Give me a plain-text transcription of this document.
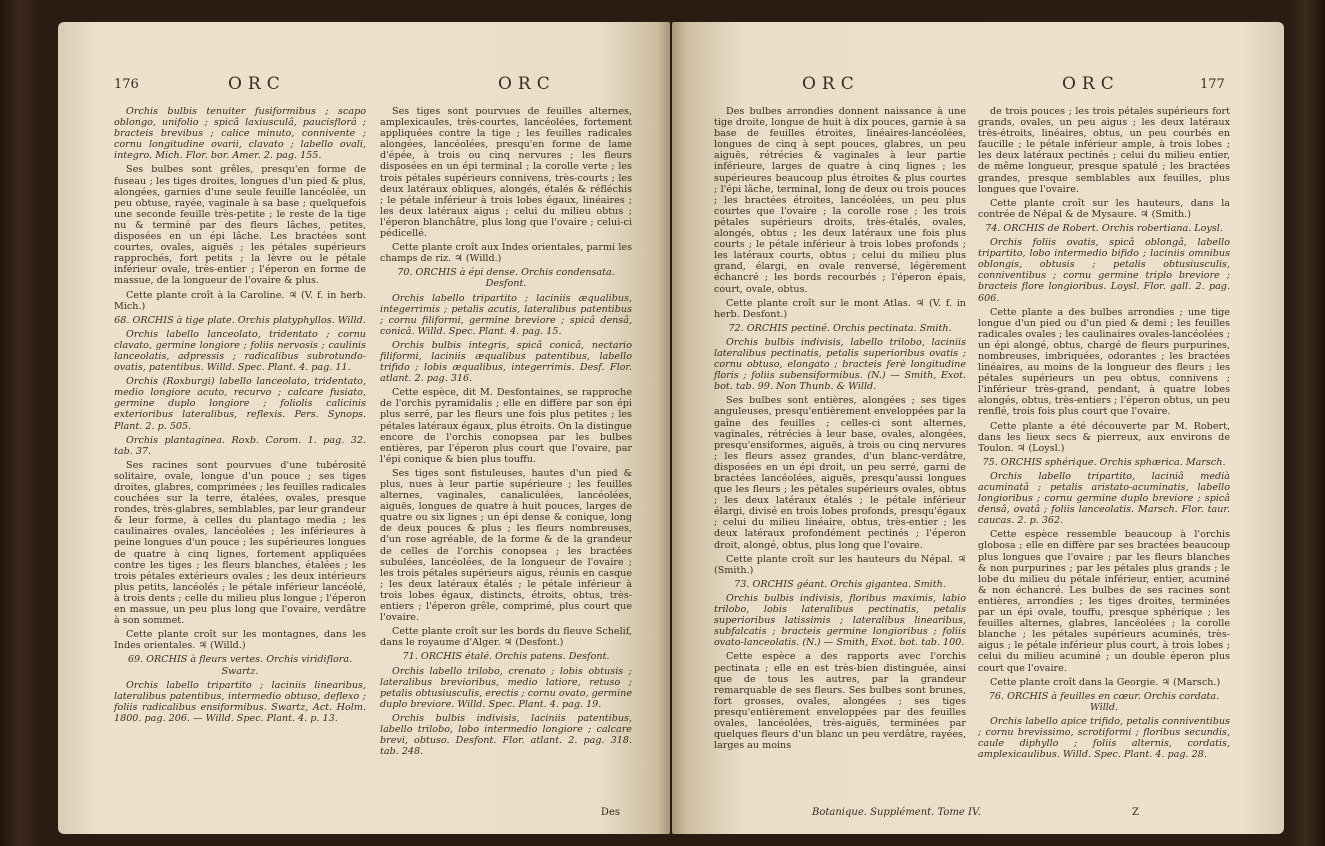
176	ORC	ORC

Orchis bulbis tenuiter fusiformibus ; scapo oblongo, unifolio ; spicâ laxiusculâ, paucisflorâ ; bracteis brevibus ; calice minuto, connivente ; cornu longitudine ovarii, clavato ; labello ovali, integro. Mich. Flor. bor. Amer. 2. pag. 155.

Ses bulbes sont grêles, presqu'en forme de fuseau ; les tiges droites, longues d'un pied & plus, alongées, garnies d'une seule feuille lancéolée, un peu obtuse, rayée, vaginale à sa base ; quelquefois une seconde feuille très-petite ; le reste de la tige nu & terminé par des fleurs lâches, petites, disposées en un épi lâche. Les bractées sont courtes, ovales, aiguës ; les pétales supérieurs rapprochés, fort petits ; la lèvre ou le pétale inférieur ovale, très-entier ; l'éperon en forme de massue, de la longueur de l'ovaire & plus.

Cette plante croît à la Caroline. ♃ (V. f. in herb. Mich.)

68. ORCHIS à tige plate. Orchis platyphyllos. Willd.

Orchis labello lanceolato, tridentato ; cornu clavato, germine longiore ; foliis nervosis ; caulinis lanceolatis, adpressis ; radicalibus subrotundo-ovatis, patentibus. Willd. Spec. Plant. 4. pag. 11.

Orchis (Roxburgi) labello lanceolato, tridentato, medio longiore acuto, recurvo ; calcare fusiato, germine duplo longiore ; foliolis calicinis exterioribus lateralibus, reflexis. Pers. Synops. Plant. 2. p. 505.

Orchis plantaginea. Roxb. Corom. 1. pag. 32. tab. 37.

Ses racines sont pourvues d'une tubérosité solitaire, ovale, longue d'un pouce ; ses tiges droites, glabres, comprimées ; les feuilles radicales couchées sur la terre, étalées, ovales, presque rondes, très-glabres, semblables, par leur grandeur & leur forme, à celles du plantago media ; les caulinaires ovales, lancéolées ; les inférieures à peine longues d'un pouce ; les supérieures longues de quatre à cinq lignes, fortement appliquées contre les tiges ; les fleurs blanches, étalées ; les trois pétales extérieurs ovales ; les deux intérieurs plus petits, lancéolés ; le pétale inférieur lancéolé, à trois dents ; celle du milieu plus longue ; l'éperon en massue, un peu plus long que l'ovaire, verdâtre à son sommet.

Cette plante croît sur les montagnes, dans les Indes orientales. ♃ (Willd.)

69. ORCHIS à fleurs vertes. Orchis viridiflora. Swartz.

Orchis labello tripartito ; laciniis linearibus, lateralibus patentibus, intermedio obtuso, deflexo ; foliis radicalibus ensiformibus. Swartz, Act. Holm. 1800. pag. 206. — Willd. Spec. Plant. 4. p. 13.

Ses tiges sont pourvues de feuilles alternes, amplexicaules, très-courtes, lancéolées, fortement appliquées contre la tige ; les feuilles radicales alongées, lancéolées, presqu'en forme de lame d'épée, à trois ou cinq nervures ; les fleurs disposées en un épi terminal ; la corolle verte ; les trois pétales supérieurs connivens, très-courts ; les deux latéraux obliques, alongés, étalés & réfléchis ; le pétale inférieur à trois lobes égaux, linéaires ; les deux latéraux aigus ; celui du milieu obtus ; l'éperon blanchâtre, plus long que l'ovaire ; celui-ci pédicellé.

Cette plante croît aux Indes orientales, parmi les champs de riz. ♃ (Willd.)

70. ORCHIS à épi dense. Orchis condensata. Desfont.

Orchis labello tripartito ; laciniis æqualibus, integerrimis ; petalis acutis, lateralibus patentibus ; cornu filiformi, germine breviore ; spicâ densâ, conicâ. Willd. Spec. Plant. 4. pag. 15.

Orchis bulbis integris, spicâ conicâ, nectario filiformi, laciniis æqualibus patentibus, labello trifido ; lobis æqualibus, integerrimis. Desf. Flor. atlant. 2. pag. 316.

Cette espèce, dit M. Desfontaines, se rapproche de l'orchis pyramidalis ; elle en diffère par son épi plus serré, par les fleurs une fois plus petites ; les pétales latéraux égaux, plus étroits. On la distingue encore de l'orchis conopsea par les bulbes entières, par l'éperon plus court que l'ovaire, par l'épi conique & bien plus touffu.

Ses tiges sont fistuleuses, hautes d'un pied & plus, nues à leur partie supérieure ; les feuilles alternes, vaginales, canaliculées, lancéolées, aiguës, longues de quatre à huit pouces, larges de quatre ou six lignes ; un épi dense & conique, long de deux pouces & plus ; les fleurs nombreuses, d'un rose agréable, de la forme & de la grandeur de celles de l'orchis conopsea ; les bractées subulées, lancéolées, de la longueur de l'ovaire ; les trois pétales supérieurs aigus, réunis en casque ; les deux latéraux étalés ; le pétale inférieur à trois lobes égaux, distincts, étroits, obtus, très-entiers ; l'éperon grêle, comprimé, plus court que l'ovaire.

Cette plante croît sur les bords du fleuve Schelif, dans le royaume d'Alger. ♃ (Desfont.)

71. ORCHIS étalé. Orchis patens. Desfont.

Orchis labello trilobo, crenato ; lobis obtusis ; lateralibus brevioribus, medio latiore, retuso ; petalis obtusiusculis, erectis ; cornu ovato, germine duplo breviore. Willd. Spec. Plant. 4. pag. 19.

Orchis bulbis indivisis, laciniis patentibus, labello trilobo, lobo intermedio longiore ; calcare brevi, obtuso. Desfont. Flor. atlant. 2. pag. 318. tab. 248.

Des
ORC	ORC	177

Des bulbes arrondies donnent naissance à une tige droite, longue de huit à dix pouces, garnie à sa base de feuilles étroites, linéaires-lancéolées, longues de cinq à sept pouces, glabres, un peu aiguës, rétrécies & vaginales à leur partie inférieure, larges de quatre à cinq lignes ; les supérieures beaucoup plus étroites & plus courtes ; l'épi lâche, terminal, long de deux ou trois pouces ; les bractées étroites, lancéolées, un peu plus courtes que l'ovaire ; la corolle rose ; les trois pétales supérieurs droits, très-étalés, ovales, alongés, obtus ; les deux latéraux une fois plus courts ; le pétale inférieur à trois lobes profonds ; les latéraux courts, obtus ; celui du milieu plus grand, élargi, en ovale renversé, légèrement échancré ; les bords recourbés ; l'éperon épais, court, ovale, obtus.

Cette plante croît sur le mont Atlas. ♃ (V. f. in herb. Desfont.)

72. ORCHIS pectiné. Orchis pectinata. Smith.

Orchis bulbis indivisis, labello trilobo, laciniis lateralibus pectinatis, petalis superioribus ovatis ; cornu obtuso, elongato ; bracteis ferè longitudine floris ; foliis subensiformibus. (N.) — Smith, Exot. bot. tab. 99. Non Thunb. & Willd.

Ses bulbes sont entières, alongées ; ses tiges anguleuses, presqu'entièrement enveloppées par la gaîne des feuilles ; celles-ci sont alternes, vaginales, rétrécies à leur base, ovales, alongées, presqu'ensiformes, aiguës, à trois ou cinq nervures ; les fleurs assez grandes, d'un blanc-verdâtre, disposées en un épi droit, un peu serré, garni de bractées lancéolées, aiguës, presqu'aussi longues que les fleurs ; les pétales supérieurs ovales, obtus ; les deux latéraux étalés ; le pétale inférieur élargi, divisé en trois lobes profonds, presqu'égaux ; celui du milieu linéaire, obtus, très-entier ; les deux latéraux profondément pectinés ; l'éperon droit, alongé, obtus, plus long que l'ovaire.

Cette plante croît sur les hauteurs du Népal. ♃ (Smith.)

73. ORCHIS géant. Orchis gigantea. Smith.

Orchis bulbis indivisis, floribus maximis, labio trilobo, lobis lateralibus pectinatis, petalis superioribus latissimis ; lateralibus linearibus, subfalcatis ; bracteis germine longioribus ; foliis ovato-lanceolatis. (N.) — Smith, Exot. bot. tab. 100.

Cette espèce a des rapports avec l'orchis pectinata ; elle en est très-bien distinguée, ainsi que de tous les autres, par la grandeur remarquable de ses fleurs. Ses bulbes sont brunes, fort grosses, ovales, alongées ; ses tiges presqu'entièrement enveloppées par des feuilles ovales, lancéolées, très-aiguës, terminées par quelques fleurs d'un blanc un peu verdâtre, rayées, larges au moins

de trois pouces ; les trois pétales supérieurs fort grands, ovales, un peu aigus ; les deux latéraux très-étroits, linéaires, obtus, un peu courbés en faucille ; le pétale inférieur ample, à trois lobes ; les deux latéraux pectinés ; celui du milieu entier, de même longueur, presque spatulé ; les bractées grandes, presque semblables aux feuilles, plus longues que l'ovaire.

Cette plante croît sur les hauteurs, dans la contrée de Népal & de Mysaure. ♃ (Smith.)

74. ORCHIS de Robert. Orchis robertiana. Loysl.

Orchis foliis ovatis, spicâ oblongâ, labello tripartito, lobo intermedio bifido ; laciniis omnibus oblongis, obtusis ; petalis obtusiusculis, conniventibus ; cornu germine triplo breviore ; bracteis flore longioribus. Loysl. Flor. gall. 2. pag. 606.

Cette plante a des bulbes arrondies ; une tige longue d'un pied ou d'un pied & demi ; les feuilles radicales ovales ; les caulinaires ovales-lancéolées ; un épi alongé, obtus, chargé de fleurs purpurines, nombreuses, imbriquées, odorantes ; les bractées linéaires, au moins de la longueur des fleurs ; les pétales supérieurs un peu obtus, connivens ; l'inférieur très-grand, pendant, à quatre lobes alongés, obtus, très-entiers ; l'éperon obtus, un peu renflé, trois fois plus court que l'ovaire.

Cette plante a été découverte par M. Robert, dans les lieux secs & pierreux, aux environs de Toulon. ♃ (Loysl.)

75. ORCHIS sphérique. Orchis sphærica. Marsch.

Orchis labello tripartito, laciniâ medià acuminatâ ; petalis aristato-acuminatis, labello longioribus ; cornu germine duplo breviore ; spicâ densâ, ovatâ ; foliis lanceolatis. Marsch. Flor. taur. caucas. 2. p. 362.

Cette espèce ressemble beaucoup à l'orchis globosa ; elle en diffère par ses bractées beaucoup plus longues que l'ovaire ; par les fleurs blanches & non purpurines ; par les pétales plus grands ; le lobe du milieu du pétale inférieur, entier, acuminé & non échancré. Les bulbes de ses racines sont entières, arrondies ; les tiges droites, terminées par un épi ovale, touffu, presque sphérique ; les feuilles alternes, glabres, lancéolées ; la corolle blanche ; les pétales supérieurs acuminés, très-aigus ; le pétale inférieur plus court, à trois lobes ; celui du milieu acuminé ; un double éperon plus court que l'ovaire.

Cette plante croît dans la Georgie. ♃ (Marsch.)

76. ORCHIS à feuilles en cœur. Orchis cordata. Willd.

Orchis labello apice trifido, petalis conniventibus ; cornu brevissimo, scrotiformi ; floribus secundis, caule diphyllo ; foliis alternis, cordatis, amplexicaulibus. Willd. Spec. Plant. 4. pag. 28.

Botanique. Supplément. Tome IV.	Z
